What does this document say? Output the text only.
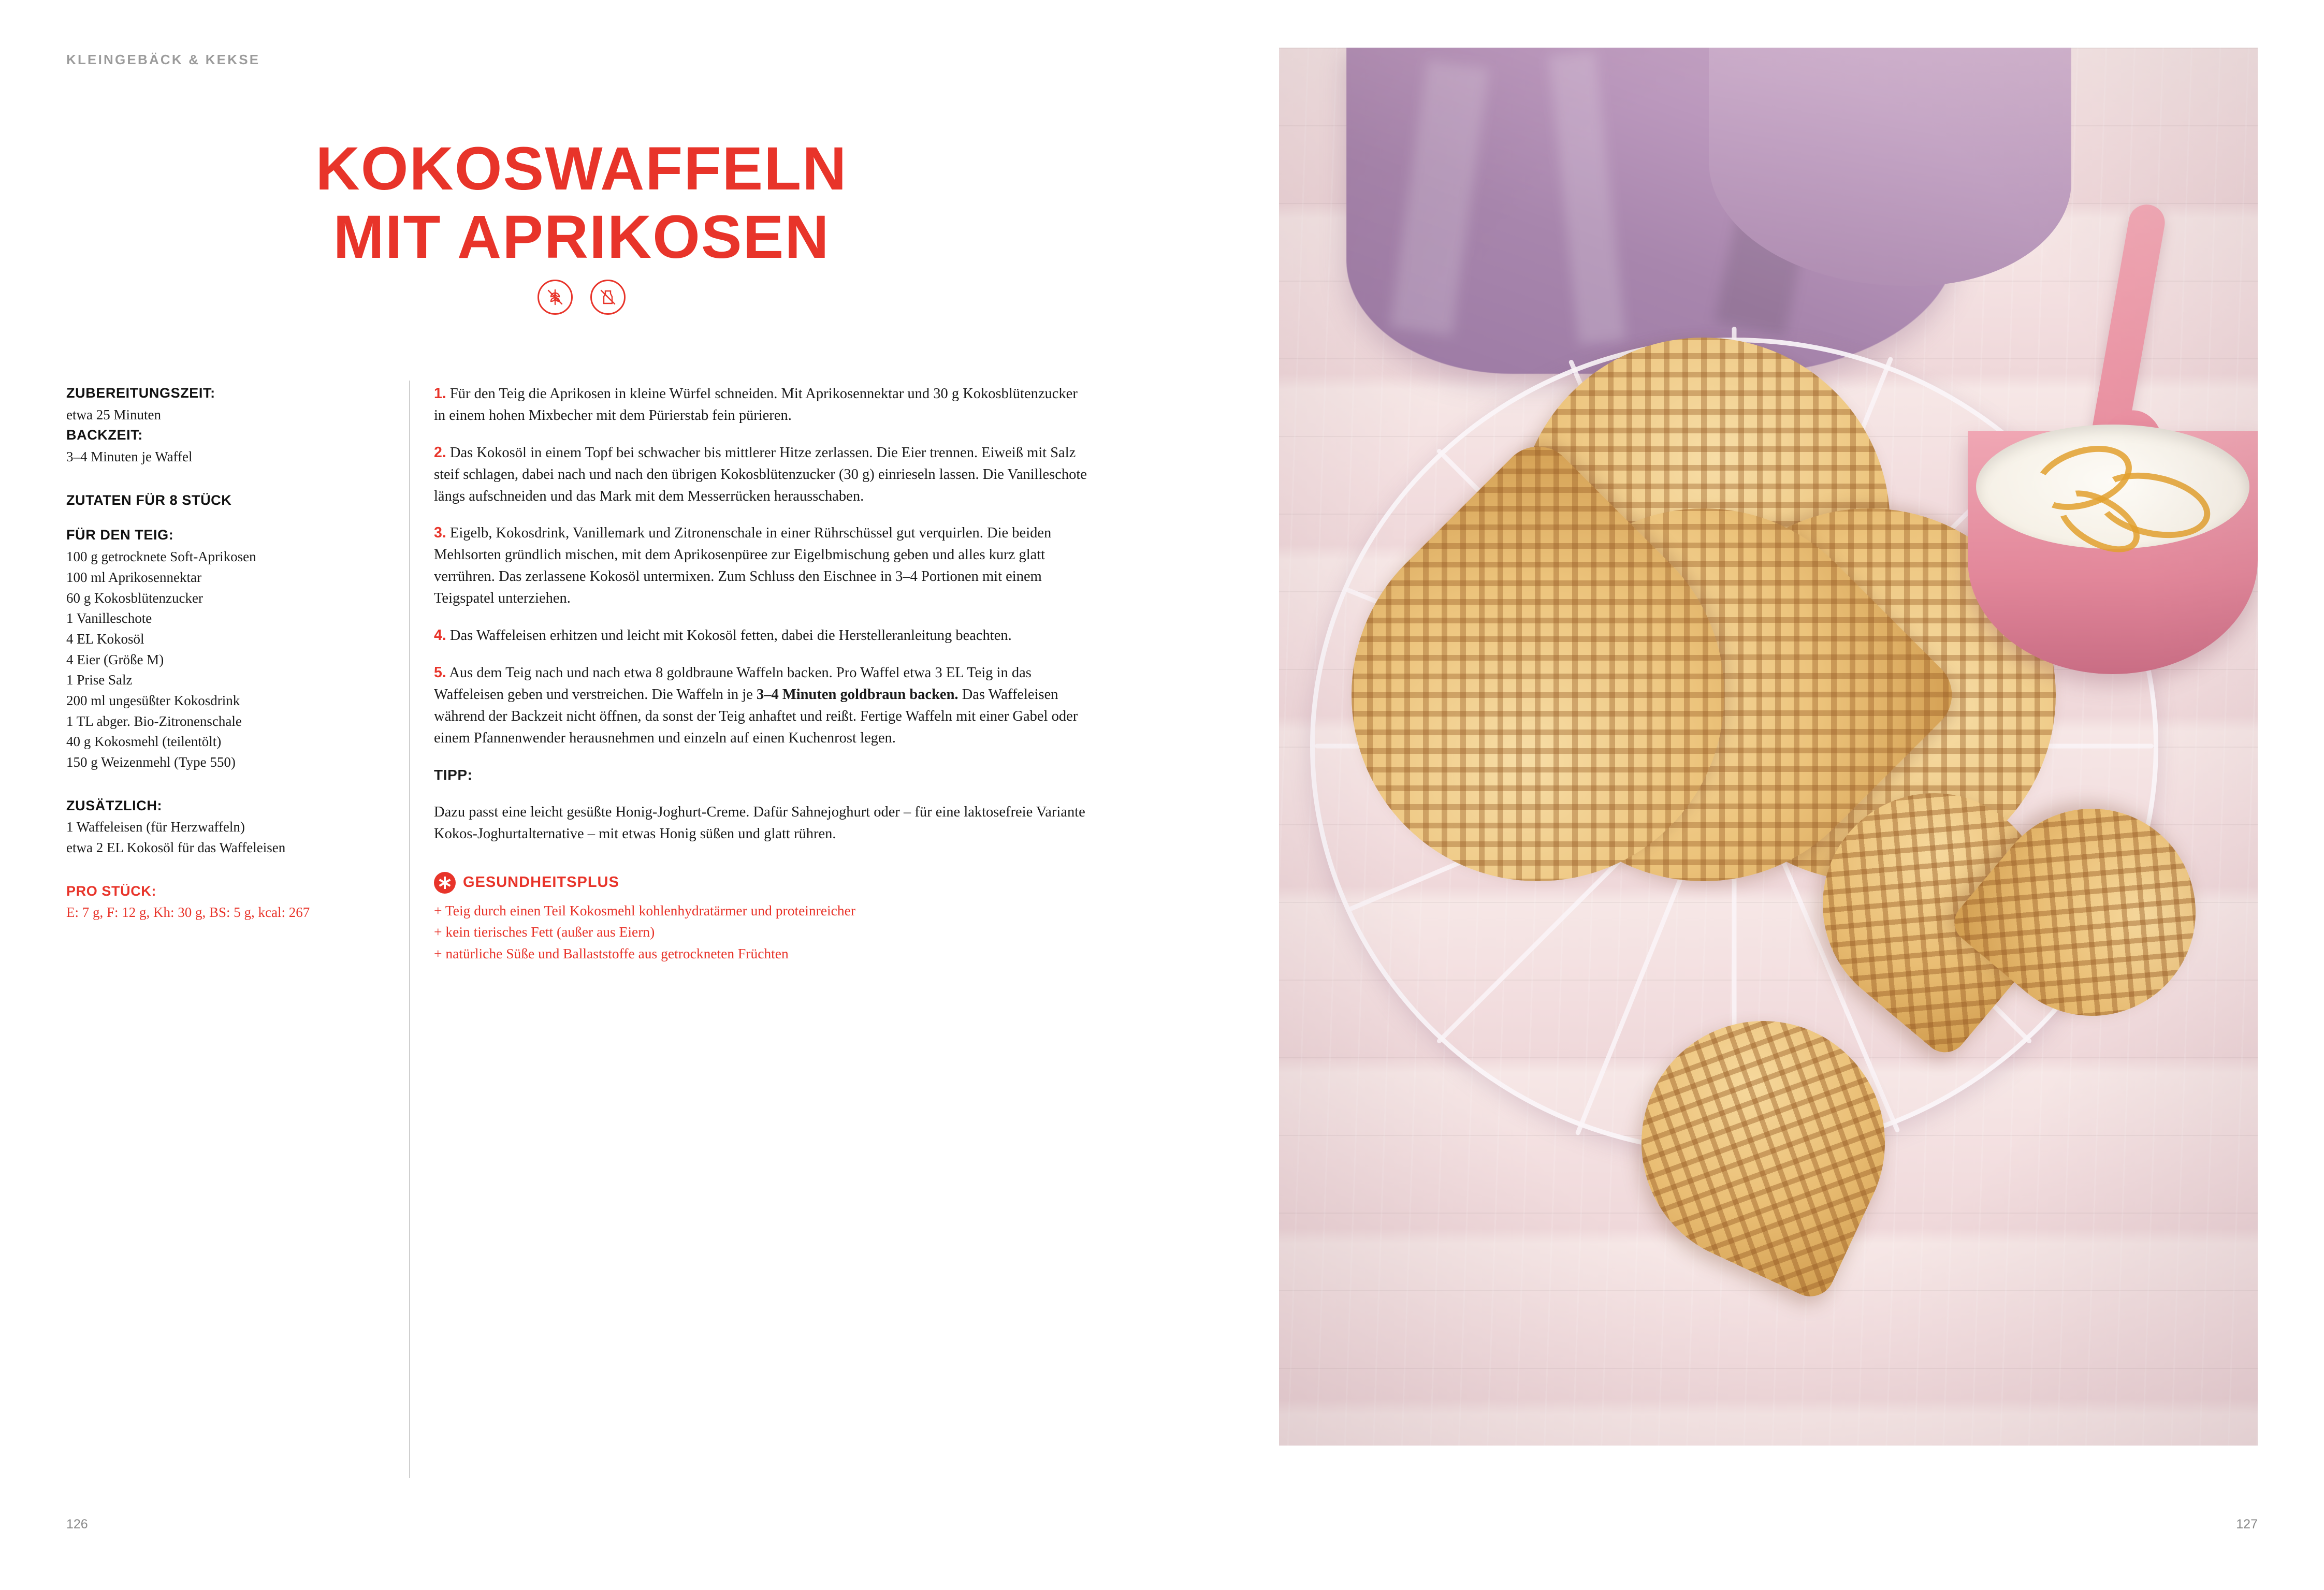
KLEINGEBÄCK & KEKSE
KOKOSWAFFELN
MIT APRIKOSEN

ZUBEREITUNGSZEIT:

etwa 25 Minuten

BACKZEIT:

3–4 Minuten je Waffel

ZUTATEN FÜR 8 STÜCK

FÜR DEN TEIG:

100 g getrocknete Soft-Aprikosen

100 ml Aprikosennektar

60 g Kokosblütenzucker

1 Vanilleschote

4 EL Kokosöl

4 Eier (Größe M)

1 Prise Salz

200 ml ungesüßter Kokosdrink

1 TL abger. Bio-Zitronenschale

40 g Kokosmehl (teilentölt)

150 g Weizenmehl (Type 550)

ZUSÄTZLICH:

1 Waffeleisen (für Herzwaffeln)

etwa 2 EL Kokosöl für das Waffeleisen

PRO STÜCK:

E: 7 g, F: 12 g, Kh: 30 g, BS: 5 g, kcal: 267

1. Für den Teig die Aprikosen in kleine Würfel schneiden. Mit Aprikosennektar und 30 g Kokosblütenzucker in einem hohen Mixbecher mit dem Pürierstab fein pürieren.

2. Das Kokosöl in einem Topf bei schwacher bis mittlerer Hitze zerlassen. Die Eier trennen. Eiweiß mit Salz steif schlagen, dabei nach und nach den übrigen Kokosblütenzucker (30 g) einrieseln lassen. Die Vanilleschote längs aufschneiden und das Mark mit dem Messerrücken herausschaben.

3. Eigelb, Kokosdrink, Vanillemark und Zitronenschale in einer Rührschüssel gut verquirlen. Die beiden Mehlsorten gründlich mischen, mit dem Aprikosenpüree zur Eigelbmischung geben und alles kurz glatt verrühren. Das zerlassene Kokosöl untermixen. Zum Schluss den Eischnee in 3–4 Portionen mit einem Teigspatel unterziehen.

4. Das Waffeleisen erhitzen und leicht mit Kokosöl fetten, dabei die Herstelleranleitung beachten.

5. Aus dem Teig nach und nach etwa 8 goldbraune Waffeln backen. Pro Waffel etwa 3 EL Teig in das Waffeleisen geben und verstreichen. Die Waffeln in je 3–4 Minuten goldbraun backen. Das Waffeleisen während der Backzeit nicht öffnen, da sonst der Teig anhaftet und reißt. Fertige Waffeln mit einer Gabel oder einem Pfannenwender herausnehmen und einzeln auf einen Kuchenrost legen.

TIPP:

Dazu passt eine leicht gesüßte Honig-Joghurt-Creme. Dafür Sahnejoghurt oder – für eine laktosefreie Variante Kokos-Joghurtalternative – mit etwas Honig süßen und glatt rühren.

GESUNDHEITSPLUS
+ Teig durch einen Teil Kokosmehl kohlenhydratärmer und proteinreicher
+ kein tierisches Fett (außer aus Eiern)
+ natürliche Süße und Ballaststoffe aus getrockneten Früchten
126	127
